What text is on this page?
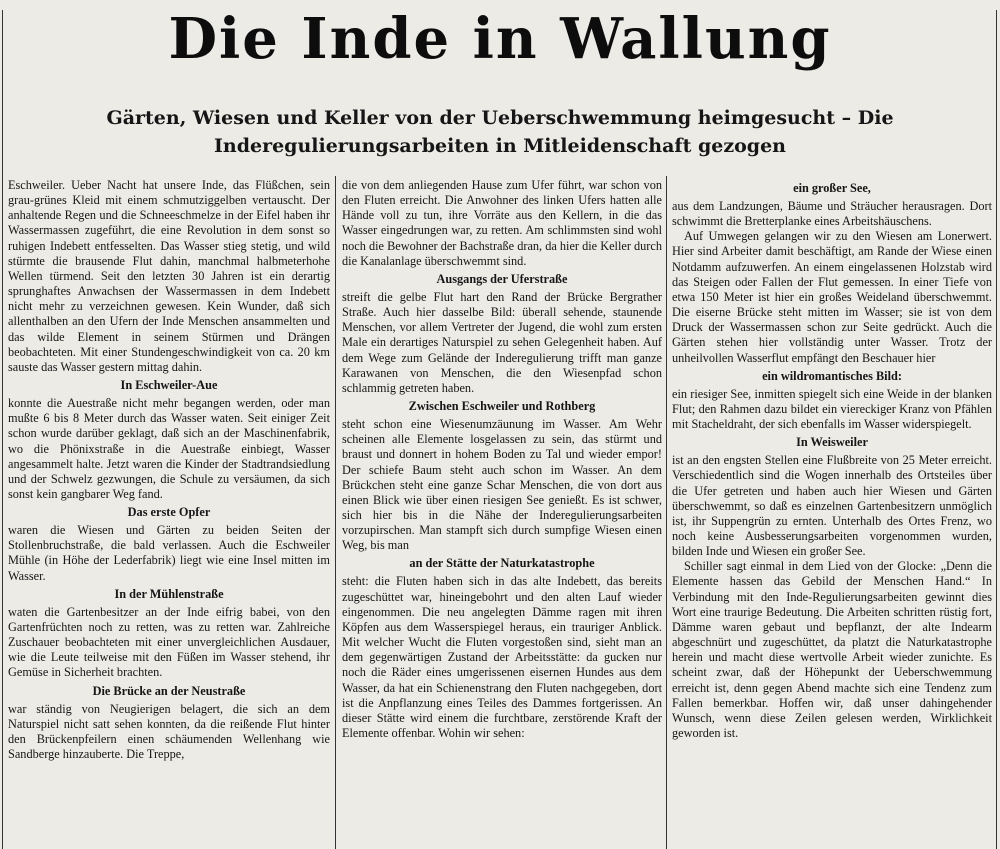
Die Inde in Wallung
Gärten, Wiesen und Keller von der Ueberschwemmung heimgesucht – Die Inderegulierungsarbeiten in Mitleidenschaft gezogen

Eschweiler. Ueber Nacht hat unsere Inde, das Flüßchen, sein grau-grünes Kleid mit einem schmutziggelben vertauscht. Der anhaltende Regen und die Schneeschmelze in der Eifel haben ihr Wassermassen zugeführt, die eine Revolution in dem sonst so ruhigen Indebett entfesselten. Das Wasser stieg stetig, und wild stürmte die brausende Flut dahin, manchmal halbmeterhohe Wellen türmend. Seit den letzten 30 Jahren ist ein derartig sprunghaftes Anwachsen der Wassermassen in dem Indebett nicht mehr zu verzeichnen gewesen. Kein Wunder, daß sich allenthalben an den Ufern der Inde Menschen ansammelten und das wilde Element in seinem Stürmen und Drängen beobachteten. Mit einer Stundengeschwindigkeit von ca. 20 km sauste das Wasser gestern mittag dahin.

In Eschweiler-Aue

konnte die Auestraße nicht mehr begangen werden, oder man mußte 6 bis 8 Meter durch das Wasser waten. Seit einiger Zeit schon wurde darüber geklagt, daß sich an der Maschinenfabrik, wo die Phönixstraße in die Auestraße einbiegt, Wasser angesammelt halte. Jetzt waren die Kinder der Stadtrandsiedlung und der Schwelz gezwungen, die Schule zu versäumen, da sich sonst kein gangbarer Weg fand.

Das erste Opfer

waren die Wiesen und Gärten zu beiden Seiten der Stollenbruchstraße, die bald verlassen. Auch die Eschweiler Mühle (in Höhe der Lederfabrik) liegt wie eine Insel mitten im Wasser.

In der Mühlenstraße

waten die Gartenbesitzer an der Inde eifrig babei, von den Gartenfrüchten noch zu retten, was zu retten war. Zahlreiche Zuschauer beobachteten mit einer unvergleichlichen Ausdauer, wie die Leute teilweise mit den Füßen im Wasser stehend, ihr Gemüse in Sicherheit brachten.

Die Brücke an der Neustraße

war ständig von Neugierigen belagert, die sich an dem Naturspiel nicht satt sehen konnten, da die reißende Flut hinter den Brückenpfeilern einen schäumenden Wellenhang wie Sandberge hinzauberte. Die Treppe,

die von dem anliegenden Hause zum Ufer führt, war schon von den Fluten erreicht. Die Anwohner des linken Ufers hatten alle Hände voll zu tun, ihre Vorräte aus den Kellern, in die das Wasser eingedrungen war, zu retten. Am schlimmsten sind wohl noch die Bewohner der Bachstraße dran, da hier die Keller durch die Kanalanlage überschwemmt sind.

Ausgangs der Uferstraße

streift die gelbe Flut hart den Rand der Brücke Bergrather Straße. Auch hier dasselbe Bild: überall sehende, staunende Menschen, vor allem Vertreter der Jugend, die wohl zum ersten Male ein derartiges Naturspiel zu sehen Gelegenheit haben. Auf dem Wege zum Gelände der Inderegulierung trifft man ganze Karawanen von Menschen, die den Wiesenpfad schon schlammig getreten haben.

Zwischen Eschweiler und Rothberg

steht schon eine Wiesenumzäunung im Wasser. Am Wehr scheinen alle Elemente losgelassen zu sein, das stürmt und braust und donnert in hohem Boden zu Tal und wieder empor! Der schiefe Baum steht auch schon im Wasser. An dem Brückchen steht eine ganze Schar Menschen, die von dort aus einen Blick wie über einen riesigen See genießt. Es ist schwer, sich hier bis in die Nähe der Inderegulierungsarbeiten vorzupirschen. Man stampft sich durch sumpfige Wiesen einen Weg, bis man

an der Stätte der Naturkatastrophe

steht: die Fluten haben sich in das alte Indebett, das bereits zugeschüttet war, hineingebohrt und den alten Lauf wieder eingenommen. Die neu angelegten Dämme ragen mit ihren Köpfen aus dem Wasserspiegel heraus, ein trauriger Anblick. Mit welcher Wucht die Fluten vorgestoßen sind, sieht man an dem gegenwärtigen Zustand der Arbeitsstätte: da gucken nur noch die Räder eines umgerissenen eisernen Hundes aus dem Wasser, da hat ein Schienenstrang den Fluten nachgegeben, dort ist die Anpflanzung eines Teiles des Dammes fortgerissen. An dieser Stätte wird einem die furchtbare, zerstörende Kraft der Elemente offenbar. Wohin wir sehen:

ein großer See,

aus dem Landzungen, Bäume und Sträucher herausragen. Dort schwimmt die Bretterplanke eines Arbeitshäuschens.

Auf Umwegen gelangen wir zu den Wiesen am Lonerwert. Hier sind Arbeiter damit beschäftigt, am Rande der Wiese einen Notdamm aufzuwerfen. An einem eingelassenen Holzstab wird das Steigen oder Fallen der Flut gemessen. In einer Tiefe von etwa 150 Meter ist hier ein großes Weideland überschwemmt. Die eiserne Brücke steht mitten im Wasser; sie ist von dem Druck der Wassermassen schon zur Seite gedrückt. Auch die Gärten stehen hier vollständig unter Wasser. Trotz der unheilvollen Wasserflut empfängt den Beschauer hier

ein wildromantisches Bild:

ein riesiger See, inmitten spiegelt sich eine Weide in der blanken Flut; den Rahmen dazu bildet ein viereckiger Kranz von Pfählen mit Stacheldraht, der sich ebenfalls im Wasser widerspiegelt.

In Weisweiler

ist an den engsten Stellen eine Flußbreite von 25 Meter erreicht. Verschiedentlich sind die Wogen innerhalb des Ortsteiles über die Ufer getreten und haben auch hier Wiesen und Gärten überschwemmt, so daß es einzelnen Gartenbesitzern unmöglich ist, ihr Suppengrün zu ernten. Unterhalb des Ortes Frenz, wo noch keine Ausbesserungsarbeiten vorgenommen wurden, bilden Inde und Wiesen ein großer See.

Schiller sagt einmal in dem Lied von der Glocke: „Denn die Elemente hassen das Gebild der Menschen Hand.“ In Verbindung mit den Inde-Regulierungsarbeiten gewinnt dies Wort eine traurige Bedeutung. Die Arbeiten schritten rüstig fort, Dämme waren gebaut und bepflanzt, der alte Indearm abgeschnürt und zugeschüttet, da platzt die Naturkatastrophe herein und macht diese wertvolle Arbeit wieder zunichte. Es scheint zwar, daß der Höhepunkt der Ueberschwemmung erreicht ist, denn gegen Abend machte sich eine Tendenz zum Fallen bemerkbar. Hoffen wir, daß unser dahingehender Wunsch, wenn diese Zeilen gelesen werden, Wirklichkeit geworden ist.
